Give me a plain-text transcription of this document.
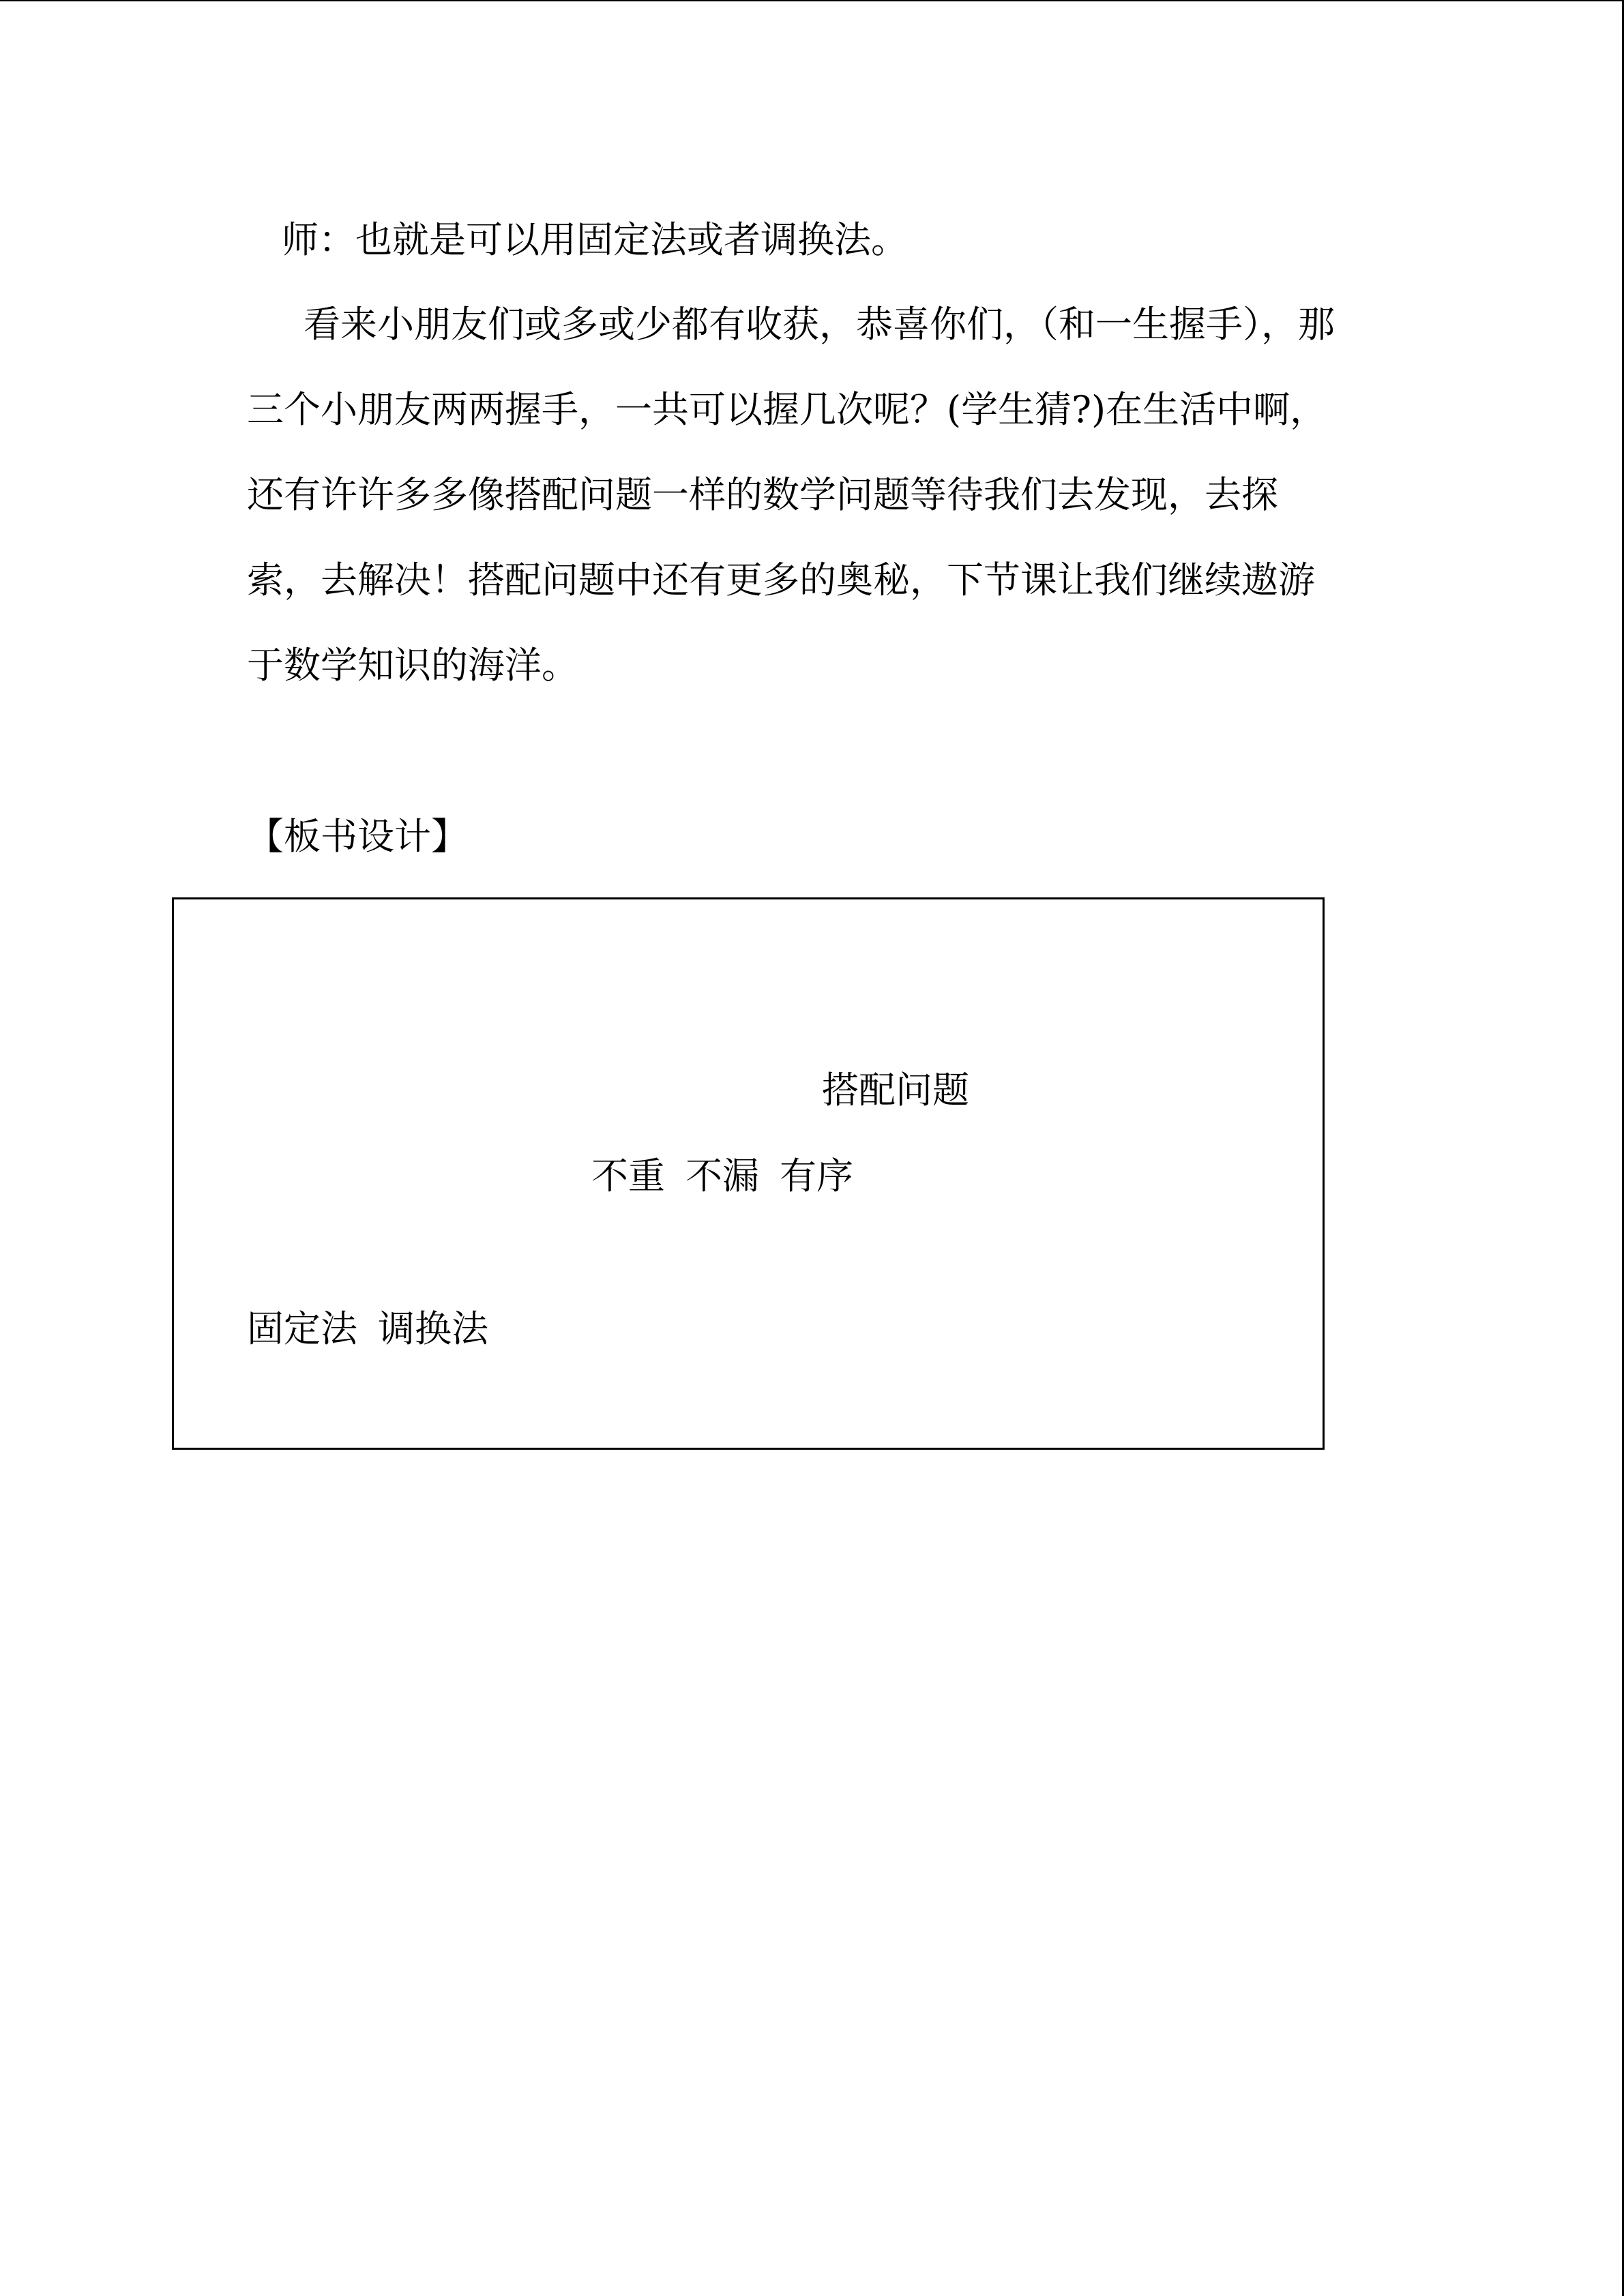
师：也就是可以用固定法或者调换法。
看来小朋友们或多或少都有收获，恭喜你们，（和一生握手），那
三个小朋友两两握手，一共可以握几次呢？(学生猜?)在生活中啊，
还有许许多多像搭配问题一样的数学问题等待我们去发现，去探
索，去解决！搭配问题中还有更多的奥秘，下节课让我们继续遨游
于数学知识的海洋。
【板书设计】
搭配问题
不重 不漏 有序
固定法 调换法
